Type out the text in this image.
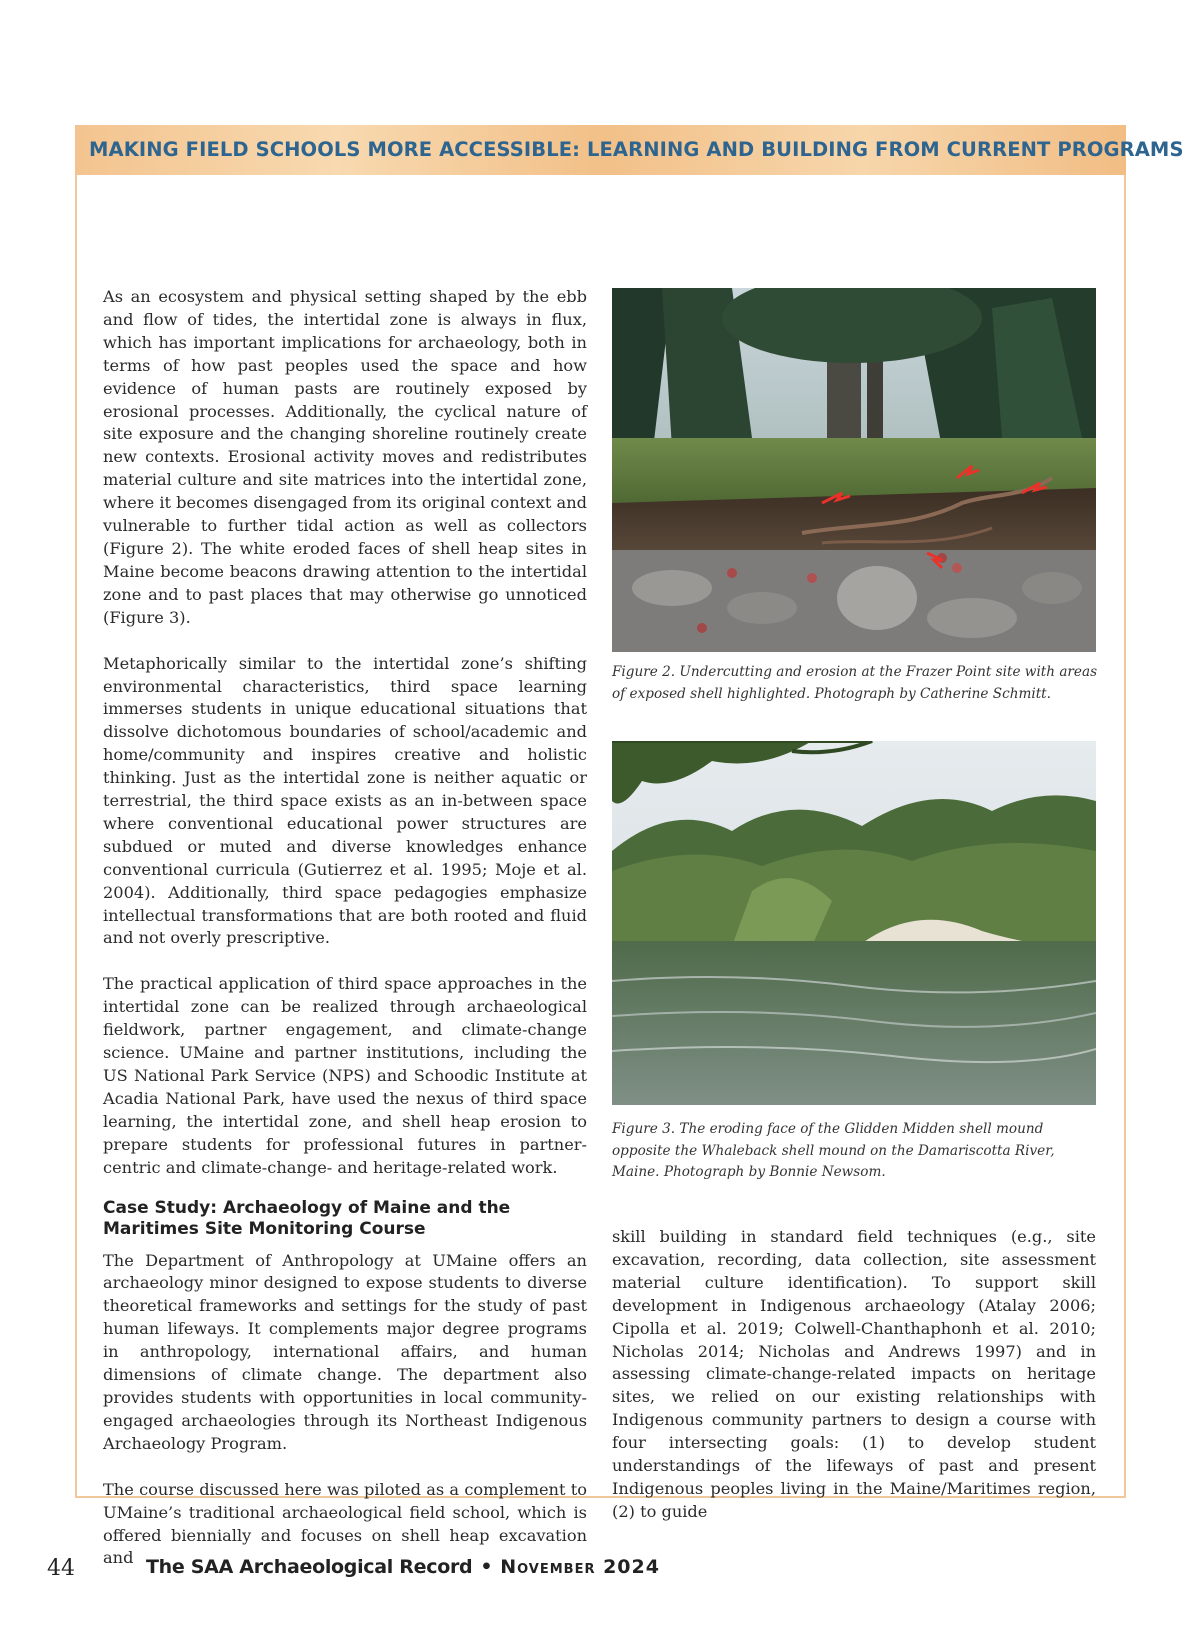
MAKING FIELD SCHOOLS MORE ACCESSIBLE: LEARNING AND BUILDING FROM CURRENT PROGRAMS

As an ecosystem and physical setting shaped by the ebb and flow of tides, the intertidal zone is always in flux, which has important implications for archaeology, both in terms of how past peoples used the space and how evidence of human pasts are routinely exposed by erosional processes. Additionally, the cyclical nature of site exposure and the changing shoreline routinely create new contexts. Erosional activity moves and redistributes material culture and site matrices into the intertidal zone, where it becomes disengaged from its original context and vulnerable to further tidal action as well as collectors (Figure 2). The white eroded faces of shell heap sites in Maine become beacons drawing attention to the intertidal zone and to past places that may otherwise go unnoticed (Figure 3).

Metaphorically similar to the intertidal zone’s shifting environmental characteristics, third space learning immerses students in unique educational situations that dissolve dichotomous boundaries of school/academic and home/community and inspires creative and holistic thinking. Just as the intertidal zone is neither aquatic or terrestrial, the third space exists as an in-between space where conventional educational power structures are subdued or muted and diverse knowledges enhance conventional curricula (Gutierrez et al. 1995; Moje et al. 2004). Additionally, third space pedagogies emphasize intellectual transformations that are both rooted and fluid and not overly prescriptive.

The practical application of third space approaches in the intertidal zone can be realized through archaeological fieldwork, partner engagement, and climate-change science. UMaine and partner institutions, including the US National Park Service (NPS) and Schoodic Institute at Acadia National Park, have used the nexus of third space learning, the intertidal zone, and shell heap erosion to prepare students for professional futures in partner-centric and climate-change- and heritage-related work.

Case Study: Archaeology of Maine and the Maritimes Site Monitoring Course

The Department of Anthropology at UMaine offers an archaeology minor designed to expose students to diverse theoretical frameworks and settings for the study of past human lifeways. It complements major degree programs in anthropology, international affairs, and human dimensions of climate change. The department also provides students with opportunities in local community-engaged archaeologies through its Northeast Indigenous Archaeology Program.

The course discussed here was piloted as a complement to UMaine’s traditional archaeological field school, which is offered biennially and focuses on shell heap excavation and

Figure 2. Undercutting and erosion at the Frazer Point site with areas of exposed shell highlighted. Photograph by Catherine Schmitt.
Figure 3. The eroding face of the Glidden Midden shell mound opposite the Whaleback shell mound on the Damariscotta River, Maine. Photograph by Bonnie Newsom.

skill building in standard field techniques (e.g., site excavation, recording, data collection, site assessment material culture identification). To support skill development in Indigenous archaeology (Atalay 2006; Cipolla et al. 2019; Colwell-Chanthaphonh et al. 2010; Nicholas 2014; Nicholas and Andrews 1997) and in assessing climate-change-related impacts on heritage sites, we relied on our existing relationships with Indigenous community partners to design a course with four intersecting goals: (1) to develop student understandings of the lifeways of past and present Indigenous peoples living in the Maine/Maritimes region, (2) to guide

44	The SAA Archaeological Record • November 2024
